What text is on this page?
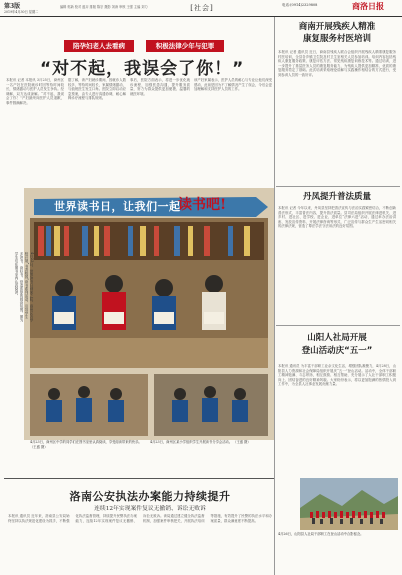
第3版	编辑 郭新 校对 盛卉 排版 陈宗 摄影 刘涛 审核 王强 主编 刘力	[社会]	电话:(0914)2329808	商洛日报
2019年4月30日 星期二
陪孕妇老人去看病	积极法律少年与犯罪
“对不起，我误会了你！”
本报讯 记者 本报讯 3月25日，商州区一名产妇在医院就诊时因等待时间较长，情绪激动与医护人员发生争执。经调解，双方达成谅解。“对不起，我误会了你！”产妇最终向医护人员道歉，事件圆满解决。
据了解，该产妇就诊期间，因就诊人数较多，等待时间较长，家属情绪激动，与值班医生发生口角。医院立即启动应急预案，由专人进行沟通协调，耐心解释诊疗流程与排队规则。
事后，医院方面表示，将进一步优化就诊流程，加强医患沟通，提升服务质量，努力为群众提供更加便捷、温馨的就医环境。
该产妇家属表示，医护人员的耐心与专业让他们深受感动，此前是因为不了解情况产生了误会，今后会更加理解和支持医护人员的工作。
商南开展残疾人精准
康复服务村医培训
本报讯 记者 通讯员 近日，商南县残疾人联合会组织开展残疾人精准康复服务村医培训，全县各乡镇卫生院及村卫生室相关人员参加培训。培训内容包括残疾人康复服务政策、康复评估方法、常见残疾康复训练技术等。通过培训，进一步提升了基层医务人员的康复服务能力，为残疾人提供更加精准、优质的康复服务奠定了基础。此次培训采取理论讲解与实践操作相结合的方式进行，受到参训人员的一致好评。
丹凤提升普法质量
本报讯 记者 今年以来，丹凤县坚持把普法宣传与法治实践紧密结合，不断创新普法形式，丰富普法内容，提升普法质量。县司法局组织开展法律进机关、进乡村、进社区、进学校、进企业、进单位“法律六进”活动，通过举办法治讲座、发放宣传资料、开展法律咨询等形式，广泛宣传与群众生产生活密切相关的法律法规，营造了尊法学法守法用法的良好氛围。
山阳人社局开展
登山活动庆“五一”
本报讯 通讯员 为丰富干部职工业余文化生活，增强团队凝聚力，4月28日，山阳县人力资源和社会保障局组织开展庆“五一”登山活动。活动中，全体干部职工精神饱满、斗志昂扬，相互鼓励、相互帮助，充分展示了人社干部职工积极向上、团结奋进的良好精神风貌。大家纷纷表示，将以更加饱满的热情投入到工作中，为全县人社事业发展贡献力量。
4月26日，山阳县人社局干部职工在登山活动中合影留念。
世界读书日，让我们一起
读书吧!
4月23日，世界读书日到来之际，商州区各学校开展“书香校园”读书系列活动，引导学生多读书、读好书，营造浓厚的阅读氛围。图为学生们在图书室内认真阅读。
4月23日，商州区中学的同学们在图书室里认真阅读，享受阅读带来的快乐。 （王盛 摄）
4月23日，商州区某小学组织学生开展读书分享会活动。 （王盛 摄）
洛南公安执法办案能力持续提升
连续12年实现案件复议无撤销、诉讼无败诉
本报讯 通讯员 近年来，洛南县公安局始终坚持以执法规范化建设为抓手，不断强化执法监督管理，持续提升民警执法办案能力，连续12年实现案件复议无撤销、诉讼无败诉。该局通过建立健全执法监督机制，加强案件审核把关，开展执法培训等措施，有效提升了民警的执法水平和办案质量，群众满意度不断提高。
